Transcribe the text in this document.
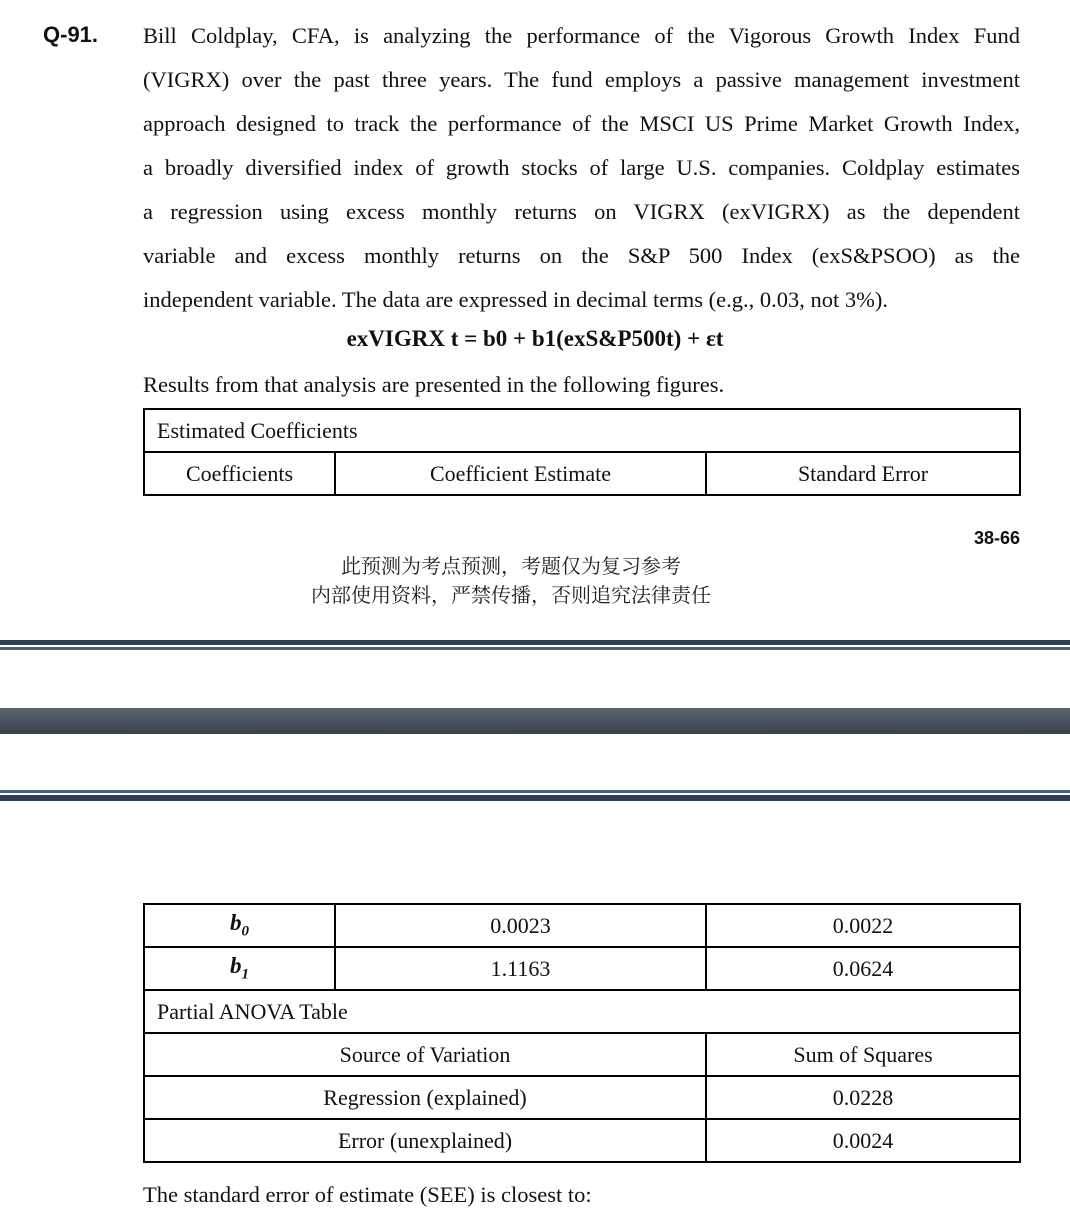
Q-91. Bill Coldplay, CFA, is analyzing the performance of the Vigorous Growth Index Fund
(VIGRX) over the past three years. The fund employs a passive management investment
approach designed to track the performance of the MSCI US Prime Market Growth Index,
a broadly diversified index of growth stocks of large U.S. companies. Coldplay estimates
a regression using excess monthly returns on VIGRX (exVIGRX) as the dependent
variable and excess monthly returns on the S&P 500 Index (exS&PSOO) as the
independent variable. The data are expressed in decimal terms (e.g., 0.03, not 3%).
exVIGRX t = b0 + b1(exS&P500t) + εt
Results from that analysis are presented in the following figures.
Estimated Coefficients
Coefficients	Coefficient Estimate	Standard Error
38-66
此预测为考点预测，考题仅为复习参考
内部使用资料，严禁传播，否则追究法律责任
$b_0$	0.0023	0.0022
$b_1$	1.1163	0.0624
Partial ANOVA Table		
Source of Variation		Sum of Squares
Regression (explained)		0.0228
Error (unexplained)		0.0024
The standard error of estimate (SEE) is closest to:
